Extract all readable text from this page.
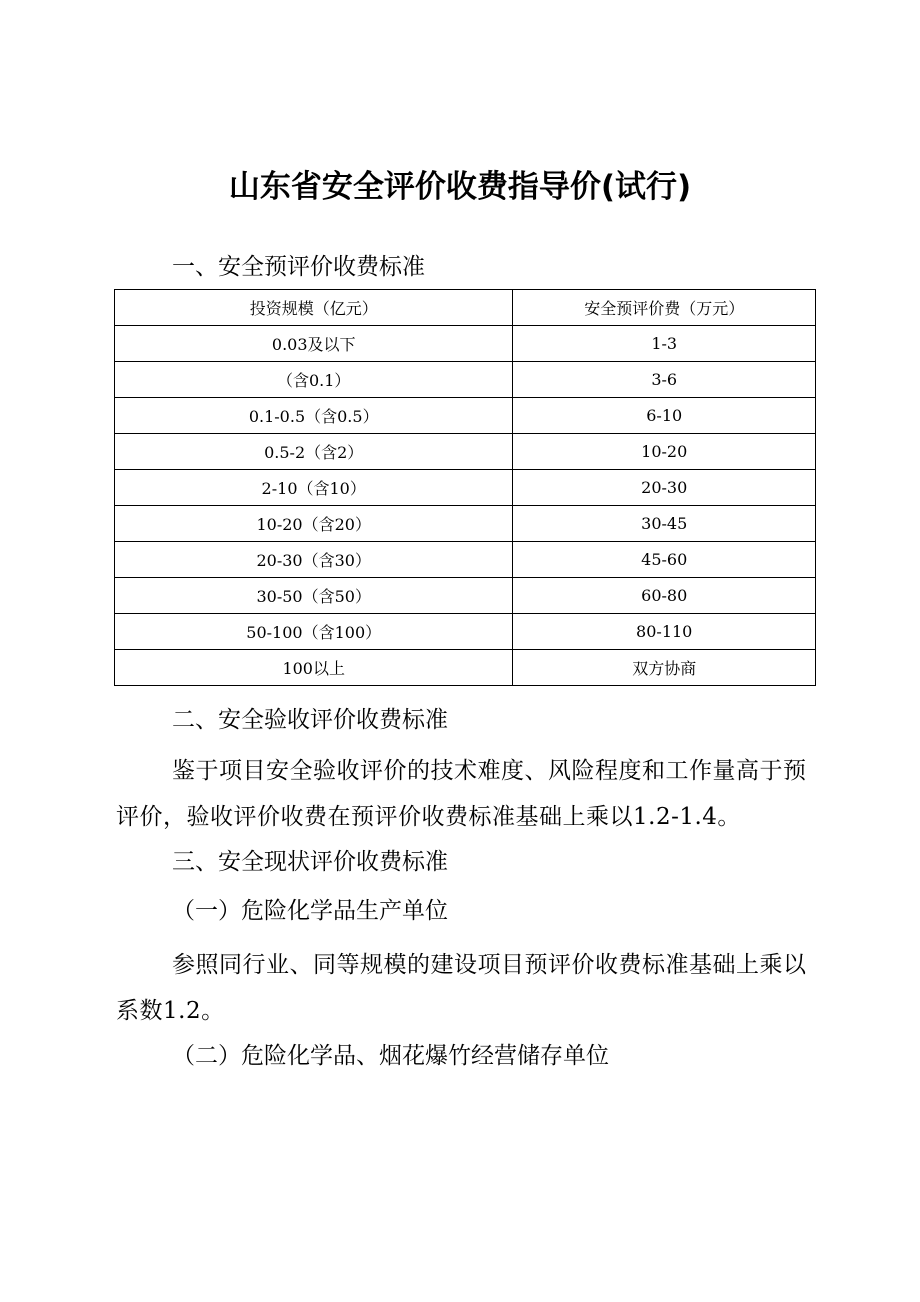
山东省安全评价收费指导价(试行)

一、安全预评价收费标准

投资规模（亿元）	安全预评价费（万元）
0.03及以下	1-3
（含0.1）	3-6
0.1-0.5（含0.5）	6-10
0.5-2（含2）	10-20
2-10（含10）	20-30
10-20（含20）	30-45
20-30（含30）	45-60
30-50（含50）	60-80
50-100（含100）	80-110
100以上	双方协商

二、安全验收评价收费标准

鉴于项目安全验收评价的技术难度、风险程度和工作量高于预评价，验收评价收费在预评价收费标准基础上乘以1.2-1.4。

三、安全现状评价收费标准

（一）危险化学品生产单位

参照同行业、同等规模的建设项目预评价收费标准基础上乘以系数1.2。

（二）危险化学品、烟花爆竹经营储存单位
